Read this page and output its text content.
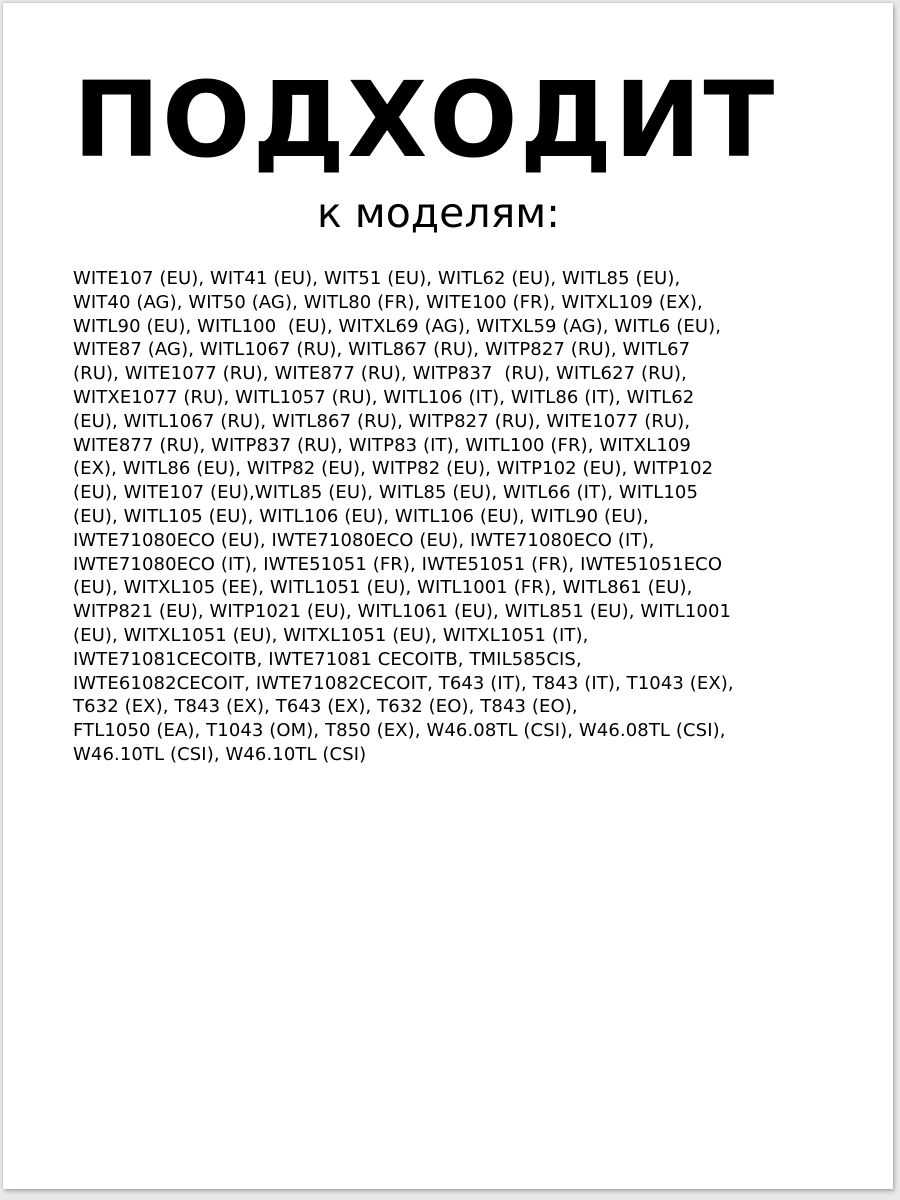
ПОДХОДИТ
к моделям:
WITE107 (EU), WIT41 (EU), WIT51 (EU), WITL62 (EU), WITL85 (EU),
WIT40 (AG), WIT50 (AG), WITL80 (FR), WITE100 (FR), WITXL109 (EX),
WITL90 (EU), WITL100  (EU), WITXL69 (AG), WITXL59 (AG), WITL6 (EU),
WITE87 (AG), WITL1067 (RU), WITL867 (RU), WITP827 (RU), WITL67
(RU), WITE1077 (RU), WITE877 (RU), WITP837  (RU), WITL627 (RU),
WITXE1077 (RU), WITL1057 (RU), WITL106 (IT), WITL86 (IT), WITL62
(EU), WITL1067 (RU), WITL867 (RU), WITP827 (RU), WITE1077 (RU),
WITE877 (RU), WITP837 (RU), WITP83 (IT), WITL100 (FR), WITXL109
(EX), WITL86 (EU), WITP82 (EU), WITP82 (EU), WITP102 (EU), WITP102
(EU), WITE107 (EU),WITL85 (EU), WITL85 (EU), WITL66 (IT), WITL105
(EU), WITL105 (EU), WITL106 (EU), WITL106 (EU), WITL90 (EU),
IWTE71080ECO (EU), IWTE71080ECO (EU), IWTE71080ECO (IT),
IWTE71080ECO (IT), IWTE51051 (FR), IWTE51051 (FR), IWTE51051ECO
(EU), WITXL105 (EE), WITL1051 (EU), WITL1001 (FR), WITL861 (EU),
WITP821 (EU), WITP1021 (EU), WITL1061 (EU), WITL851 (EU), WITL1001
(EU), WITXL1051 (EU), WITXL1051 (EU), WITXL1051 (IT),
IWTE71081CECOITB, IWTE71081 CECOITB, TMIL585CIS,
IWTE61082CECOIT, IWTE71082CECOIT, T643 (IT), T843 (IT), T1043 (EX),
T632 (EX), T843 (EX), T643 (EX), T632 (EO), T843 (EO),
FTL1050 (EA), T1043 (OM), T850 (EX), W46.08TL (CSI), W46.08TL (CSI),
W46.10TL (CSI), W46.10TL (CSI)
